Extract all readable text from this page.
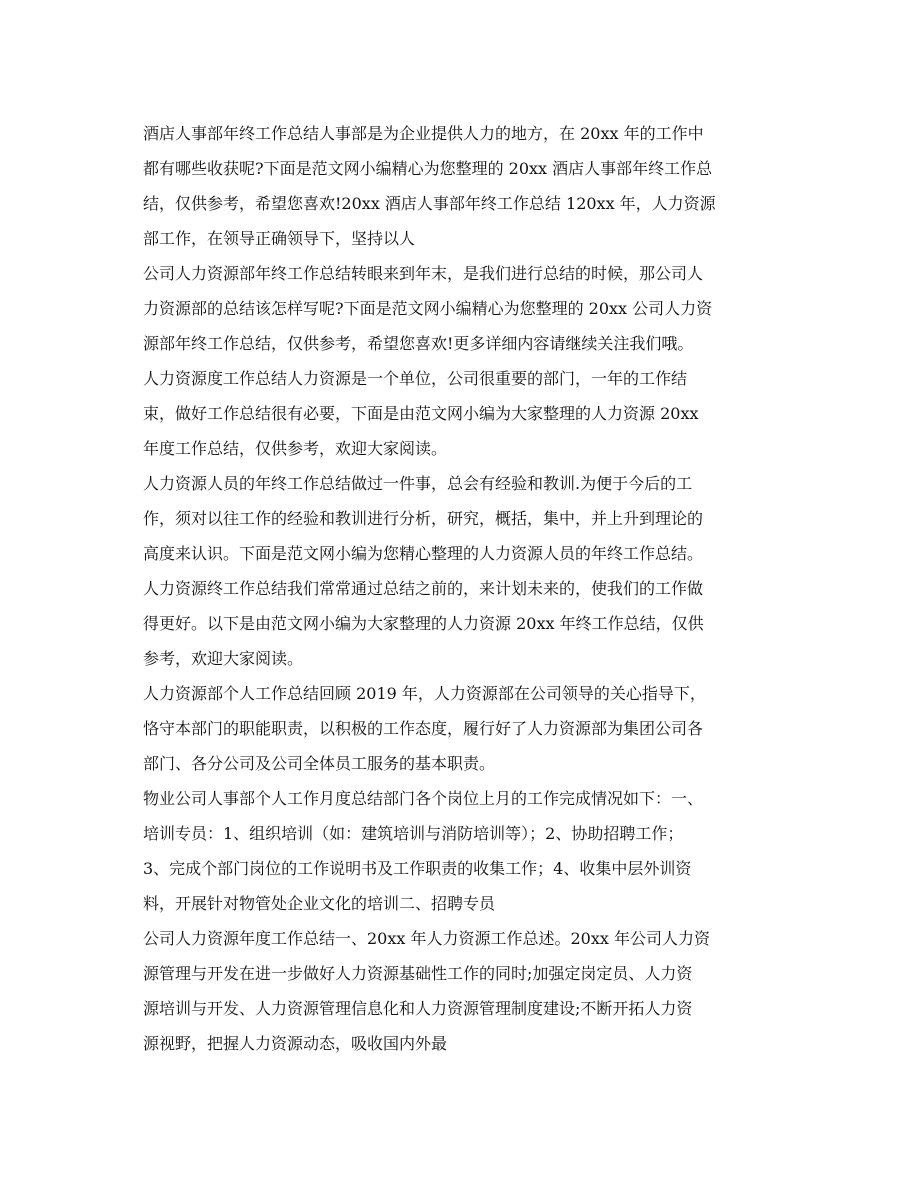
酒店人事部年终工作总结人事部是为企业提供人力的地方，在 20xx 年的工作中
都有哪些收获呢?下面是范文网小编精心为您整理的 20xx 酒店人事部年终工作总
结，仅供参考，希望您喜欢!20xx 酒店人事部年终工作总结 120xx 年，人力资源
部工作，在领导正确领导下，坚持以人

公司人力资源部年终工作总结转眼来到年末，是我们进行总结的时候，那公司人
力资源部的总结该怎样写呢?下面是范文网小编精心为您整理的 20xx 公司人力资
源部年终工作总结，仅供参考，希望您喜欢!更多详细内容请继续关注我们哦。

人力资源度工作总结人力资源是一个单位，公司很重要的部门，一年的工作结
束，做好工作总结很有必要，下面是由范文网小编为大家整理的人力资源 20xx
年度工作总结，仅供参考，欢迎大家阅读。

人力资源人员的年终工作总结做过一件事，总会有经验和教训.为便于今后的工
作，须对以往工作的经验和教训进行分析，研究，概括，集中，并上升到理论的
高度来认识。下面是范文网小编为您精心整理的人力资源人员的年终工作总结。

人力资源终工作总结我们常常通过总结之前的，来计划未来的，使我们的工作做
得更好。以下是由范文网小编为大家整理的人力资源 20xx 年终工作总结，仅供
参考，欢迎大家阅读。

人力资源部个人工作总结回顾 2019 年，人力资源部在公司领导的关心指导下，
恪守本部门的职能职责，以积极的工作态度，履行好了人力资源部为集团公司各
部门、各分公司及公司全体员工服务的基本职责。

物业公司人事部个人工作月度总结部门各个岗位上月的工作完成情况如下：一、
培训专员：1、组织培训（如：建筑培训与消防培训等）；2、协助招聘工作；
3、完成个部门岗位的工作说明书及工作职责的收集工作；4、收集中层外训资
料，开展针对物管处企业文化的培训二、招聘专员

公司人力资源年度工作总结一、20xx 年人力资源工作总述。20xx 年公司人力资
源管理与开发在进一步做好人力资源基础性工作的同时;加强定岗定员、人力资
源培训与开发、人力资源管理信息化和人力资源管理制度建设;不断开拓人力资
源视野，把握人力资源动态，吸收国内外最
